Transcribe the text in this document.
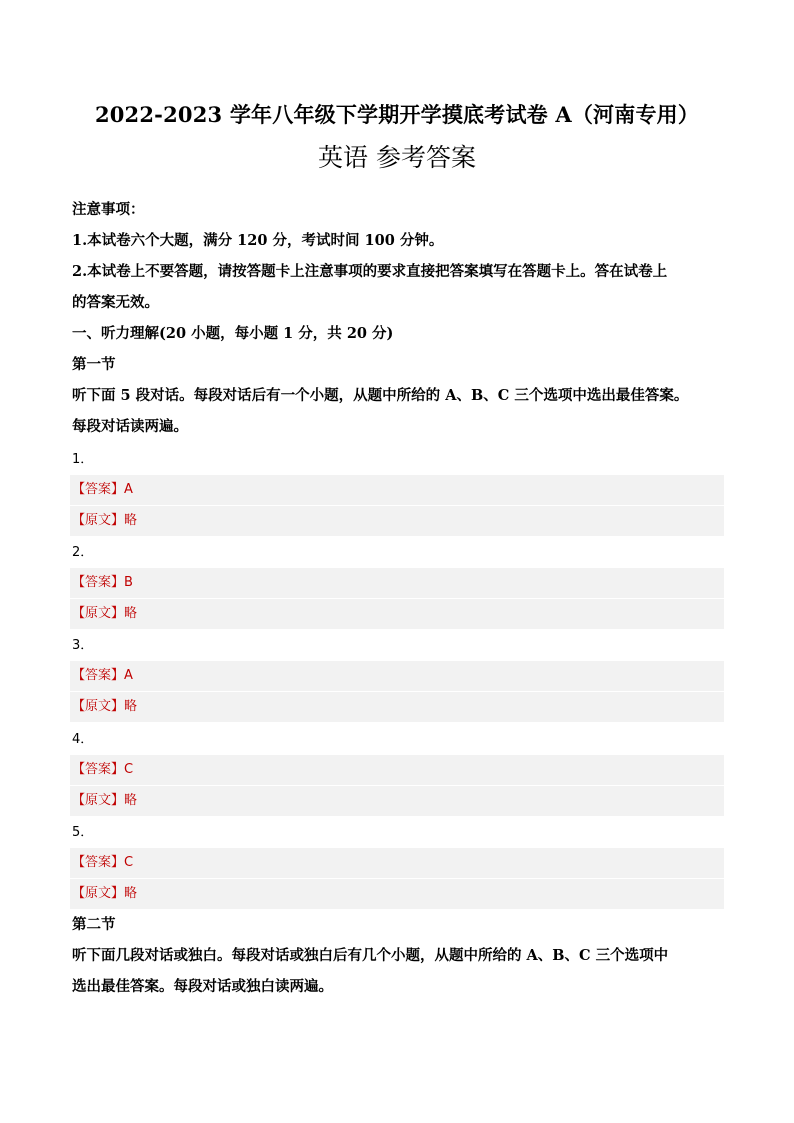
2022-2023 学年八年级下学期开学摸底考试卷 A（河南专用）
英语 参考答案
注意事项：
1.本试卷六个大题，满分 120 分，考试时间 100 分钟。
2.本试卷上不要答题，请按答题卡上注意事项的要求直接把答案填写在答题卡上。答在试卷上
的答案无效。
一、听力理解(20 小题，每小题 1 分，共 20 分)
第一节
听下面 5 段对话。每段对话后有一个小题，从题中所给的 A、B、C 三个选项中选出最佳答案。
每段对话读两遍。
1．
【答案】A
【原文】略
2．
【答案】B
【原文】略
3．
【答案】A
【原文】略
4．
【答案】C
【原文】略
5．
【答案】C
【原文】略
第二节
听下面几段对话或独白。每段对话或独白后有几个小题，从题中所给的 A、B、C 三个选项中
选出最佳答案。每段对话或独白读两遍。
